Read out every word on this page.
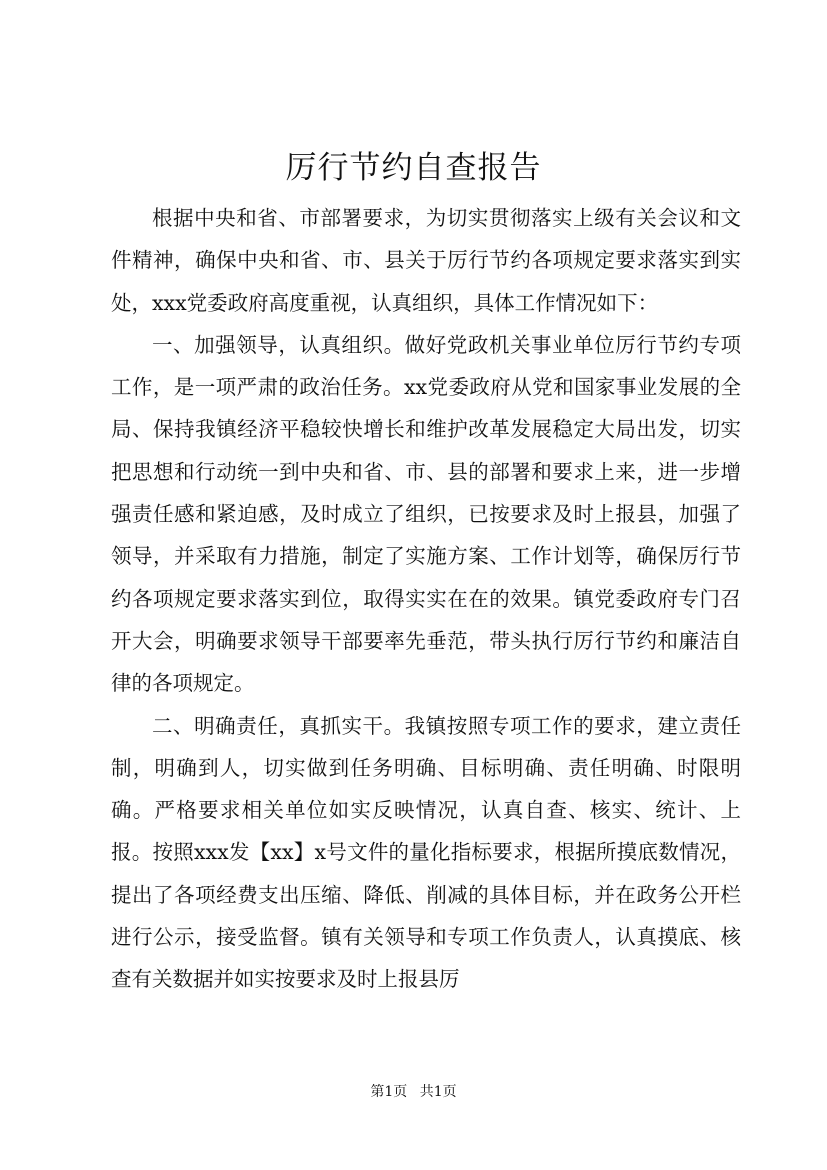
厉行节约自查报告

根据中央和省、市部署要求，为切实贯彻落实上级有关会议和文件精神，确保中央和省、市、县关于厉行节约各项规定要求落实到实处，xxx党委政府高度重视，认真组织，具体工作情况如下：

一、加强领导，认真组织。做好党政机关事业单位厉行节约专项工作，是一项严肃的政治任务。xx党委政府从党和国家事业发展的全局、保持我镇经济平稳较快增长和维护改革发展稳定大局出发，切实把思想和行动统一到中央和省、市、县的部署和要求上来，进一步增强责任感和紧迫感，及时成立了组织，已按要求及时上报县，加强了领导，并采取有力措施，制定了实施方案、工作计划等，确保厉行节约各项规定要求落实到位，取得实实在在的效果。镇党委政府专门召开大会，明确要求领导干部要率先垂范，带头执行厉行节约和廉洁自律的各项规定。

二、明确责任，真抓实干。我镇按照专项工作的要求，建立责任制，明确到人，切实做到任务明确、目标明确、责任明确、时限明确。严格要求相关单位如实反映情况，认真自查、核实、统计、上报。按照xxx发【xx】x号文件的量化指标要求，根据所摸底数情况，提出了各项经费支出压缩、降低、削减的具体目标，并在政务公开栏进行公示，接受监督。镇有关领导和专项工作负责人，认真摸底、核查有关数据并如实按要求及时上报县厉

第1页 共1页
